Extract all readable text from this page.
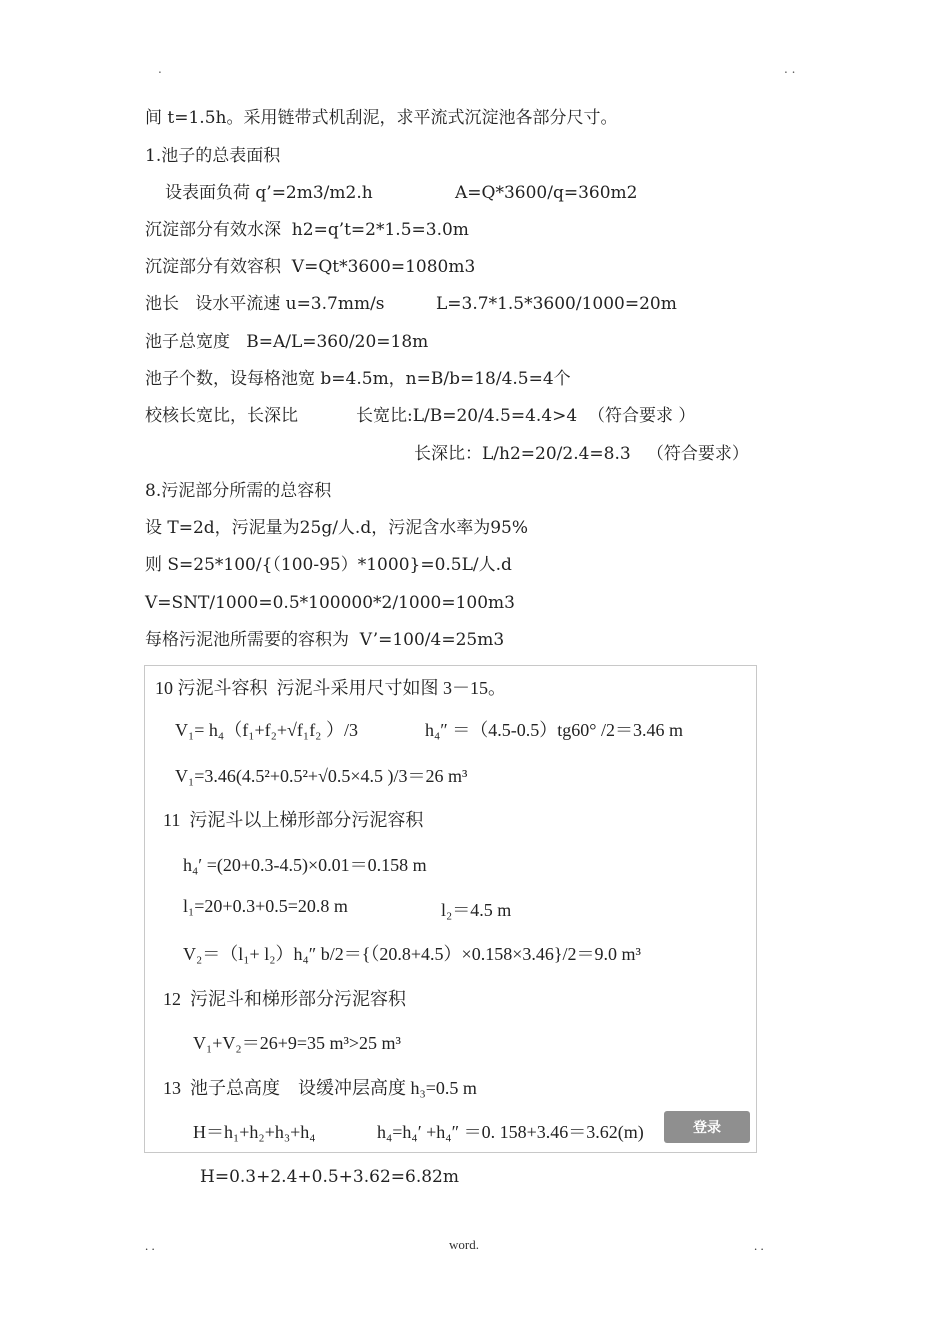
.	. .
间 t=1.5h。采用链带式机刮泥，求平流式沉淀池各部分尺寸。
1.池子的总表面积
设表面负荷 q’=2m3/m2.h	A=Q*3600/q=360m2
沉淀部分有效水深  h2=q’t=2*1.5=3.0m
沉淀部分有效容积  V=Qt*3600=1080m3
池长   设水平流速 u=3.7mm/s	L=3.7*1.5*3600/1000=20m
池子总宽度   B=A/L=360/20=18m
池子个数，设每格池宽 b=4.5m，n=B/b=18/4.5=4个
校核长宽比，长深比	长宽比:L/B=20/4.5=4.4>4  （符合要求 ）
长深比：L/h2=20/2.4=8.3   （符合要求）
8.污泥部分所需的总容积
设 T=2d，污泥量为25g/人.d，污泥含水率为95%
则 S=25*100/{（100-95）*1000}=0.5L/人.d
V=SNT/1000=0.5*100000*2/1000=100m3
每格污泥池所需要的容积为  V’=100/4=25m3
10 污泥斗容积  污泥斗采用尺寸如图 3－15。
V₁= h₄（f₁+f₂+√f₁f₂ ）/3	h₄″ ＝（4.5-0.5）tg60° /2＝3.46 m
V₁=3.46(4.5²+0.5²+√0.5×4.5 )/3＝26 m³
11  污泥斗以上梯形部分污泥容积
h₄′ =(20+0.3-4.5)×0.01＝0.158 m
l₁=20+0.3+0.5=20.8 m	l₂＝4.5 m
V₂＝（l₁+ l₂）h₄″ b/2＝{（20.8+4.5）×0.158×3.46}/2＝9.0 m³
12  污泥斗和梯形部分污泥容积
V₁+V₂＝26+9=35 m³>25 m³
13  池子总高度    设缓冲层高度 h₃=0.5 m
H＝h₁+h₂+h₃+h₄	h₄=h₄′ +h₄″ ＝0. 158+3.46＝3.62(m)	登录
H=0.3+2.4+0.5+3.62=6.82m
. .	word.	. .
